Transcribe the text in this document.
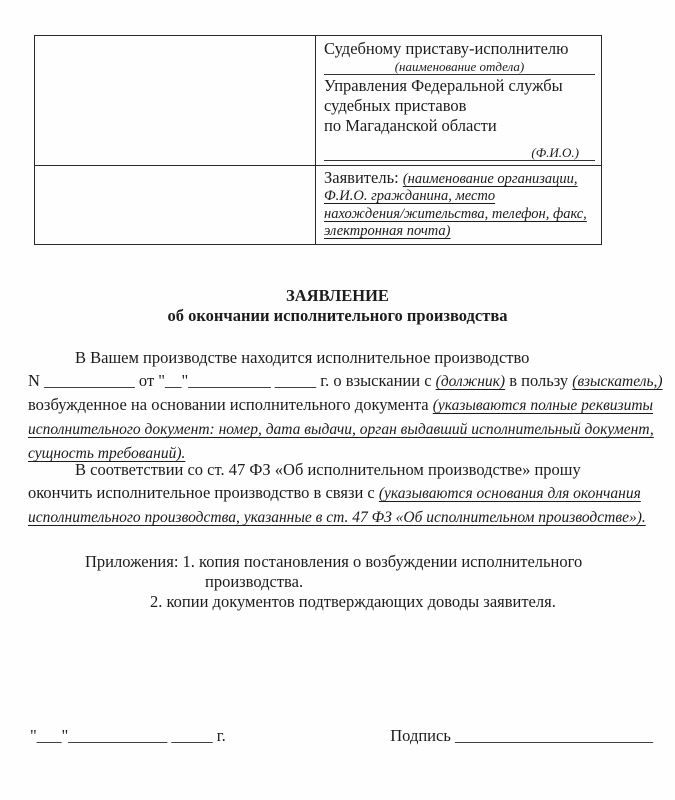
Судебному приставу-исполнителю
(наименование отдела)
Управления Федеральной службы
судебных приставов
по Магаданской области
(Ф.И.О.)

	Заявитель: (наименование организации,
Ф.И.О. гражданина, место
нахождения/жительства, телефон, факс,
электронная почта)
ЗАЯВЛЕНИЕ
об окончании исполнительного производства
В Вашем производстве находится исполнительное производство
N ___________ от "__"__________ _____ г. о взыскании с (должник) в пользу (взыскатель,)
возбужденное на основании исполнительного документа (указываются полные реквизиты
исполнительного документ: номер, дата выдачи, орган выдавший исполнительный документ,
сущность требований).
В соответствии со ст. 47 ФЗ «Об исполнительном производстве» прошу
окончить исполнительное производство в связи с (указываются основания для окончания
исполнительного производства, указанные в ст. 47 ФЗ «Об исполнительном производстве»).
Приложения: 1. копия постановления о возбуждении исполнительного
производства.
2. копии документов подтверждающих доводы заявителя.
"___"____________ _____ г.	Подпись ________________________
